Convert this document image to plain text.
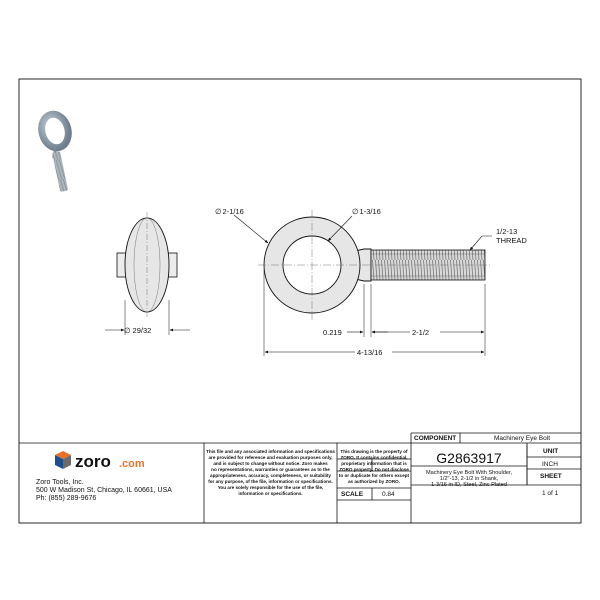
∅ 29/32
∅2-1/16	∅1-3/16
1/2-13
THREAD
0.219	2-1/2
4-13/16
zoro .com
Zoro Tools, Inc.
500 W Madison St, Chicago, IL 60661, USA
Ph: (855) 289-9676
This file and any associated information and specifications
are provided for reference and evaluation purposes only,
and is subject to change without notice. Zoro makes
no representations, warranties or guarantees as to the
appropriateness, accuracy, completeness, or suitability
for any purpose, of the file, information or specifications.
You are solely responsible for the use of the file,
information or specifications.
This drawing is the property of
ZORO. It contains confidential,
proprietary information that is
ZORO property. Do not disclose
to or duplicate for others except
as authorized by ZORO.
SCALE	0.84
COMPONENT	Machinery Eye Bolt
G2863917
Machinery Eye Bolt With Shoulder,
1/2"-13, 2-1/2 in Shank,
1-3/16 in ID, Steel, Zinc Plated
UNIT
INCH
SHEET
1 of 1
